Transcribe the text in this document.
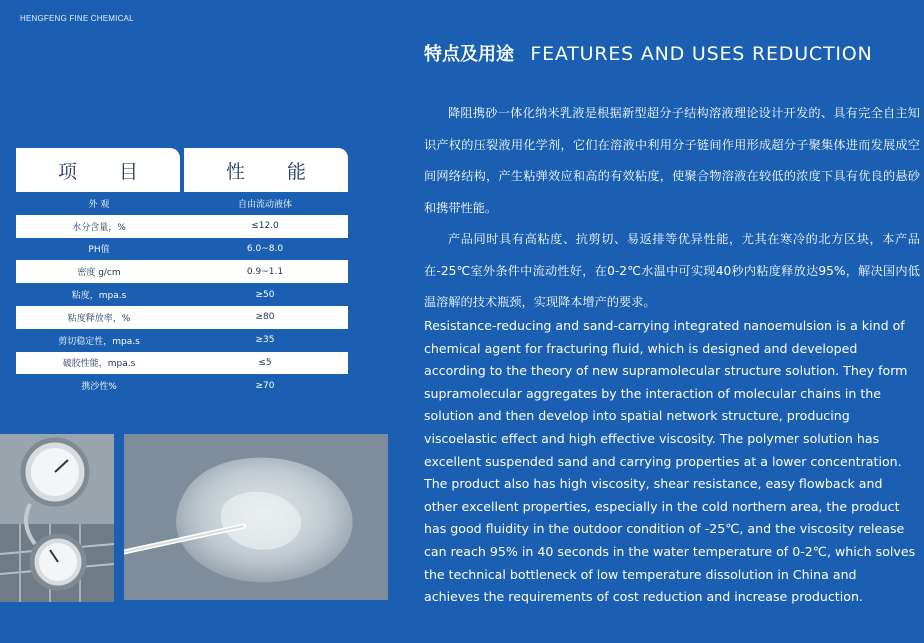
HENGFENG FINE CHEMICAL
项 目	性 能
外 观	自由流动液体
水分含量，%	≤12.0
PH值	6.0~8.0
密度 g/cm	0.9~1.1
粘度，mpa.s	≥50
粘度释放率，%	≥80
剪切稳定性，mpa.s	≥35
破胶性能，mpa.s	≤5
携沙性%	≥70
特点及用途 FEATURES AND USES REDUCTION

降阻携砂一体化纳米乳液是根据新型超分子结构溶液理论设计开发的、具有完全自主知识产权的压裂液用化学剂，它们在溶液中利用分子链间作用形成超分子聚集体进而发展成空间网络结构，产生粘弹效应和高的有效粘度，使聚合物溶液在较低的浓度下具有优良的悬砂和携带性能。

产品同时具有高粘度、抗剪切、易返排等优异性能，尤其在寒冷的北方区块，本产品在-25℃室外条件中流动性好，在0-2℃水温中可实现40秒内粘度释放达95%，解决国内低温溶解的技术瓶颈，实现降本增产的要求。

Resistance-reducing and sand-carrying integrated nanoemulsion is a kind of chemical agent for fracturing fluid, which is designed and developed according to the theory of new supramolecular structure solution. They form supramolecular aggregates by the interaction of molecular chains in the solution and then develop into spatial network structure, producing viscoelastic effect and high effective viscosity. The polymer solution has excellent suspended sand and carrying properties at a lower concentration.

The product also has high viscosity, shear resistance, easy flowback and other excellent properties, especially in the cold northern area, the product has good fluidity in the outdoor condition of -25℃, and the viscosity release can reach 95% in 40 seconds in the water temperature of 0-2℃, which solves the technical bottleneck of low temperature dissolution in China and achieves the requirements of cost reduction and increase production.
